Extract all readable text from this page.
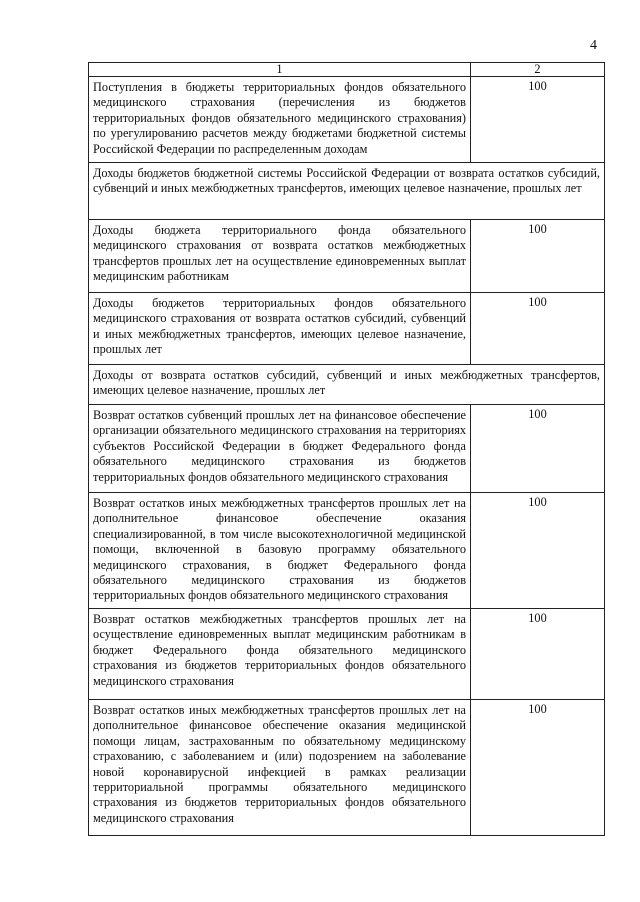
4
1	2
Поступления в бюджеты территориальных фондов обязательного медицинского страхования (перечисления из бюджетов территориальных фондов обязательного медицинского страхования) по урегулированию расчетов между бюджетами бюджетной системы Российской Федерации по распределенным доходам	100
Доходы бюджетов бюджетной системы Российской Федерации от возврата остатков субсидий, субвенций и иных межбюджетных трансфертов, имеющих целевое назначение, прошлых лет	
Доходы бюджета территориального фонда обязательного медицинского страхования от возврата остатков межбюджетных трансфертов прошлых лет на осуществление единовременных выплат медицинским работникам	100
Доходы бюджетов территориальных фондов обязательного медицинского страхования от возврата остатков субсидий, субвенций и иных межбюджетных трансфертов, имеющих целевое назначение, прошлых лет	100
Доходы от возврата остатков субсидий, субвенций и иных межбюджетных трансфертов, имеющих целевое назначение, прошлых лет	
Возврат остатков субвенций прошлых лет на финансовое обеспечение организации обязательного медицинского страхования на территориях субъектов Российской Федерации в бюджет Федерального фонда обязательного медицинского страхования из бюджетов территориальных фондов обязательного медицинского страхования	100
Возврат остатков иных межбюджетных трансфертов прошлых лет на дополнительное финансовое обеспечение оказания специализированной, в том числе высокотехнологичной медицинской помощи, включенной в базовую программу обязательного медицинского страхования, в бюджет Федерального фонда обязательного медицинского страхования из бюджетов территориальных фондов обязательного медицинского страхования	100
Возврат остатков межбюджетных трансфертов прошлых лет на осуществление единовременных выплат медицинским работникам в бюджет Федерального фонда обязательного медицинского страхования из бюджетов территориальных фондов обязательного медицинского страхования	100
Возврат остатков иных межбюджетных трансфертов прошлых лет на дополнительное финансовое обеспечение оказания медицинской помощи лицам, застрахованным по обязательному медицинскому страхованию, с заболеванием и (или) подозрением на заболевание новой коронавирусной инфекцией в рамках реализации территориальной программы обязательного медицинского страхования из бюджетов территориальных фондов обязательного медицинского страхования	100
